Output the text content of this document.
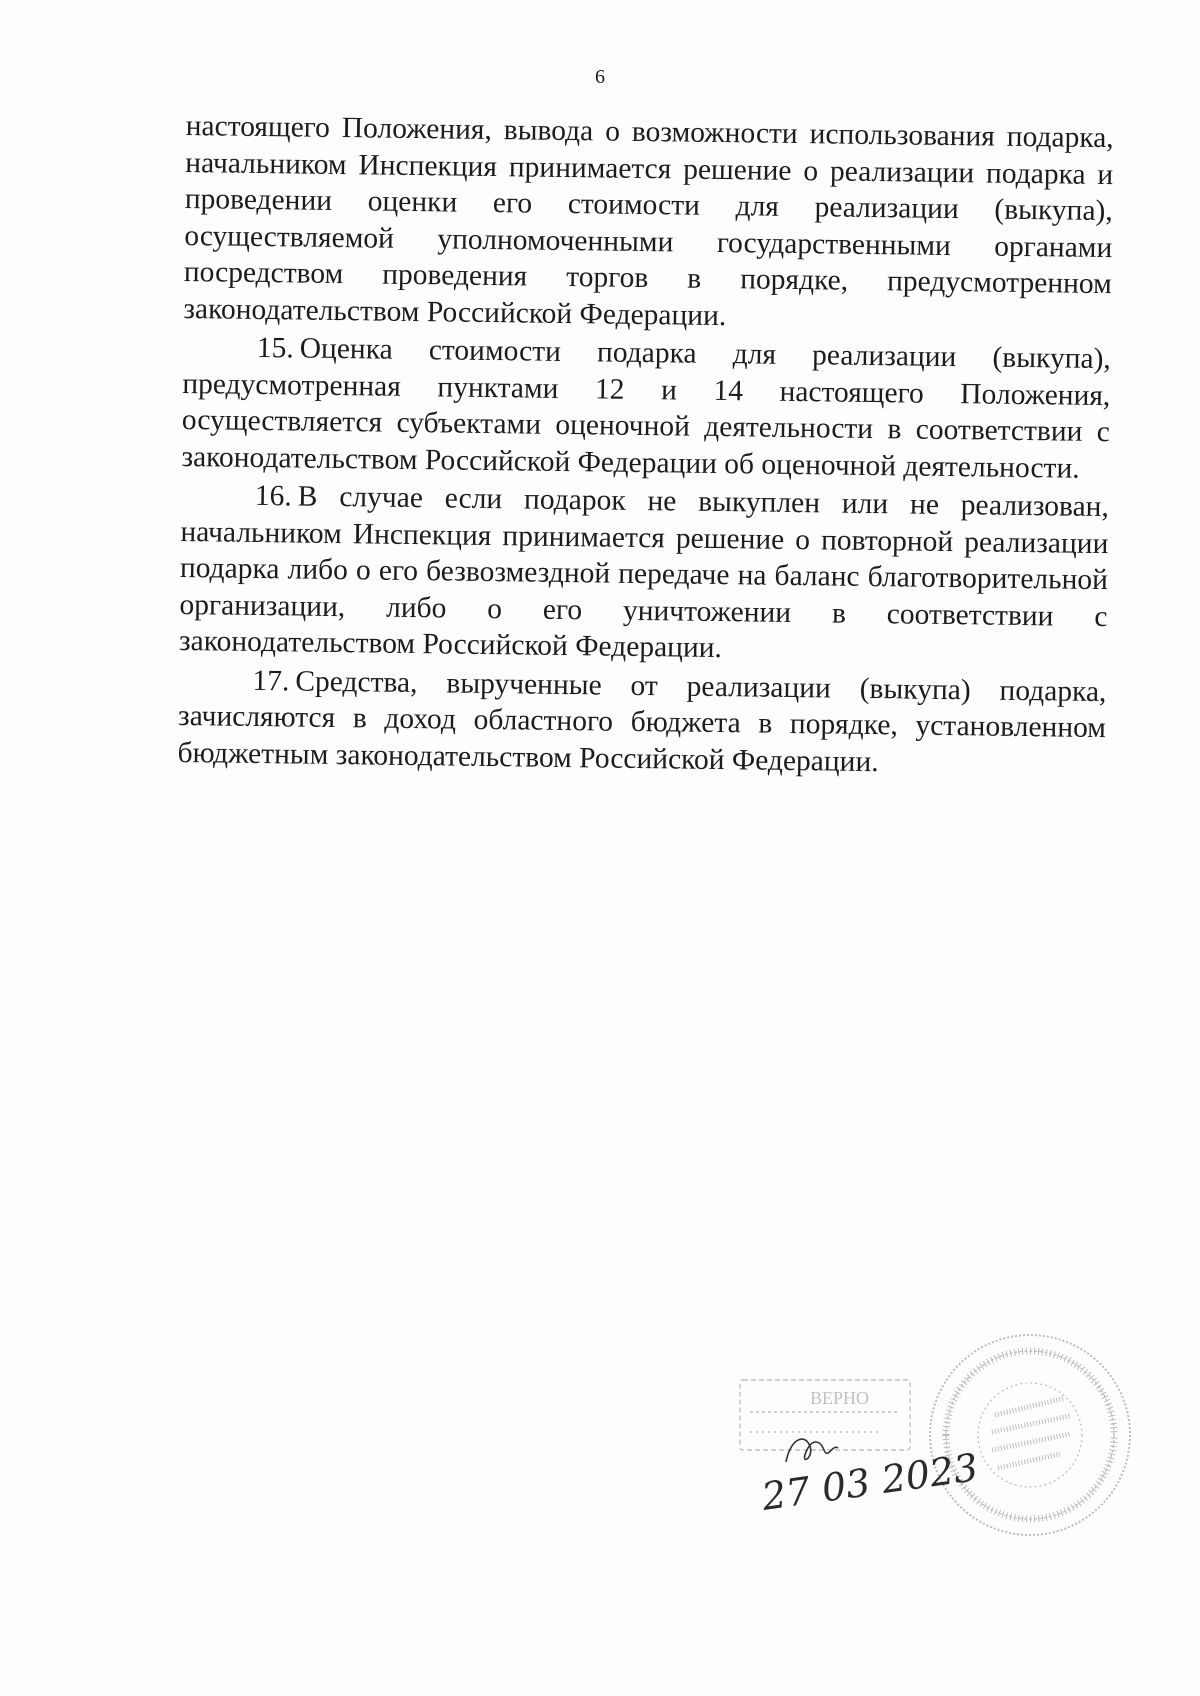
6

настоящего Положения, вывода о возможности использования подарка, начальником Инспекция принимается решение о реализации подарка и проведении оценки его стоимости для реализации (выкупа), осуществляемой уполномоченными государственными органами посредством проведения торгов в порядке, предусмотренном законодательством Российской Федерации.

15. Оценка стоимости подарка для реализации (выкупа), предусмотренная пунктами 12 и 14 настоящего Положения, осуществляется субъектами оценочной деятельности в соответствии с законодательством Российской Федерации об оценочной деятельности.

16. В случае если подарок не выкуплен или не реализован, начальником Инспекция принимается решение о повторной реализации подарка либо о его безвозмездной передаче на баланс благотворительной организации, либо о его уничтожении в соответствии с законодательством Российской Федерации.

17. Средства, вырученные от реализации (выкупа) подарка, зачисляются в доход областного бюджета в порядке, установленном бюджетным законодательством Российской Федерации.

ВЕРНО
27 03 2023
